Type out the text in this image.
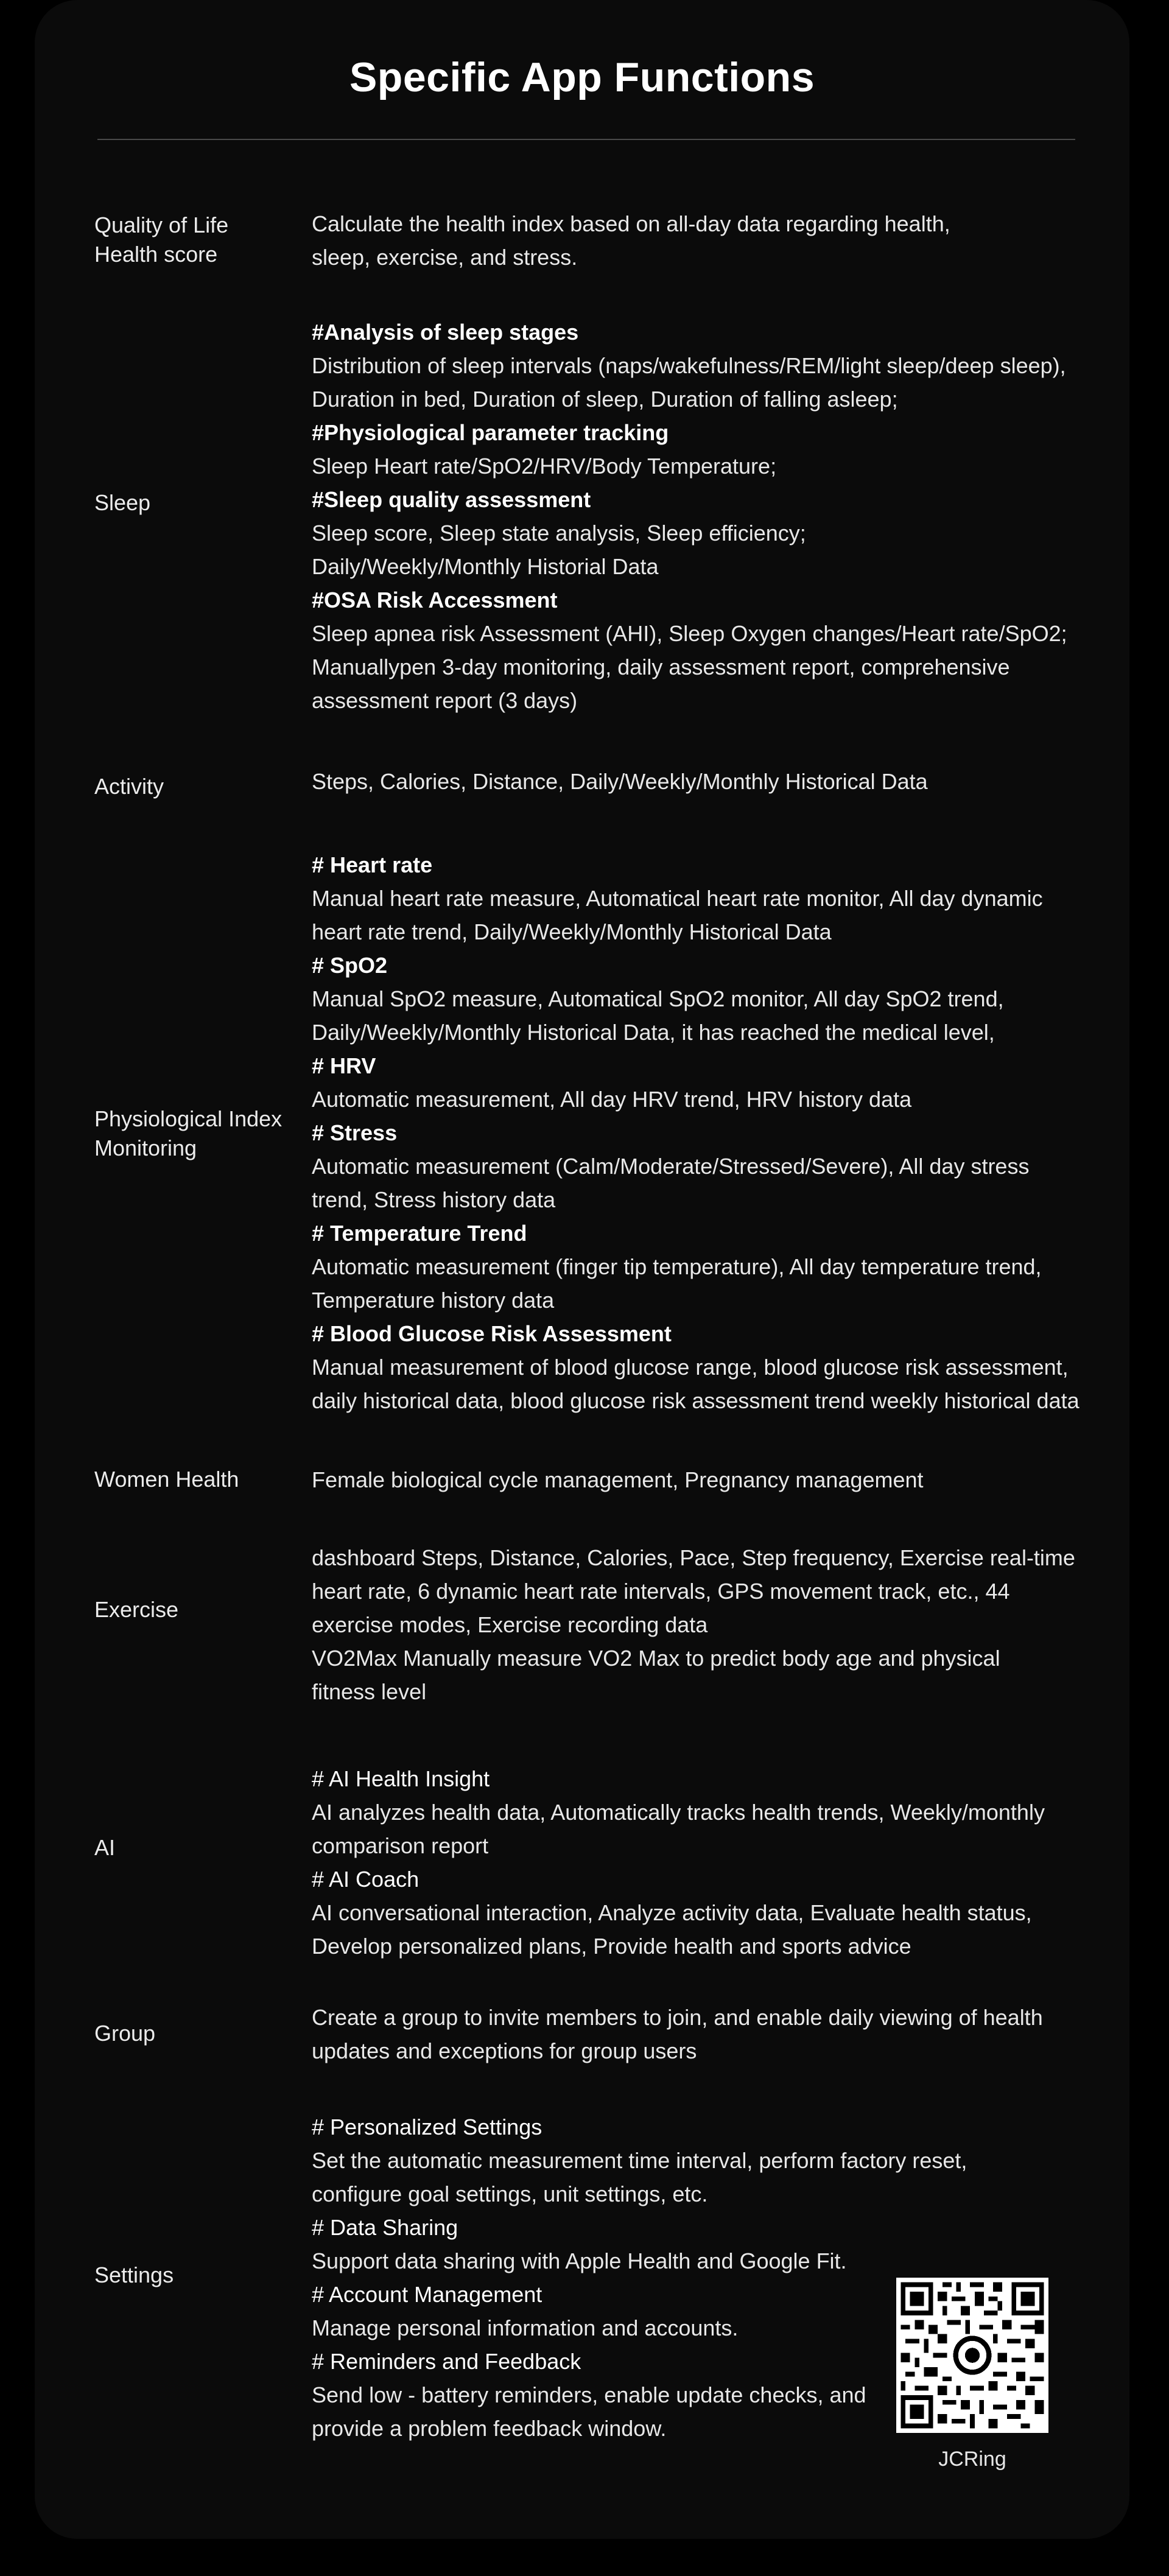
Specific App Functions
Quality of Life Health score
Calculate the health index based on all-day data regarding health,
sleep, exercise, and stress.
Sleep
#Analysis of sleep stages
Distribution of sleep intervals (naps/wakefulness/REM/light sleep/deep sleep),
Duration in bed, Duration of sleep, Duration of falling asleep;
#Physiological parameter tracking
Sleep Heart rate/SpO2/HRV/Body Temperature;
#Sleep quality assessment
Sleep score, Sleep state analysis, Sleep efficiency;
Daily/Weekly/Monthly Historial Data
#OSA Risk Accessment
Sleep apnea risk Assessment (AHI), Sleep Oxygen changes/Heart rate/SpO2;
Manuallypen 3-day monitoring, daily assessment report, comprehensive
assessment report (3 days)
Activity	Steps, Calories, Distance, Daily/Weekly/Monthly Historical Data
Physiological Index Monitoring
# Heart rate
Manual heart rate measure, Automatical heart rate monitor, All day dynamic
heart rate trend, Daily/Weekly/Monthly Historical Data
# SpO2
Manual SpO2 measure, Automatical SpO2 monitor, All day SpO2 trend,
Daily/Weekly/Monthly Historical Data, it has reached the medical level,
# HRV
Automatic measurement, All day HRV trend, HRV history data
# Stress
Automatic measurement (Calm/Moderate/Stressed/Severe), All day stress
trend, Stress history data
# Temperature Trend
Automatic measurement (finger tip temperature), All day temperature trend,
Temperature history data
# Blood Glucose Risk Assessment
Manual measurement of blood glucose range, blood glucose risk assessment,
daily historical data, blood glucose risk assessment trend weekly historical data
Women Health	Female biological cycle management, Pregnancy management
Exercise
dashboard Steps, Distance, Calories, Pace, Step frequency, Exercise real-time
heart rate, 6 dynamic heart rate intervals, GPS movement track, etc., 44
exercise modes, Exercise recording data
VO2Max Manually measure VO2 Max to predict body age and physical
fitness level
AI
# AI Health Insight
AI analyzes health data, Automatically tracks health trends, Weekly/monthly
comparison report
# AI Coach
AI conversational interaction, Analyze activity data, Evaluate health status,
Develop personalized plans, Provide health and sports advice
Group
Create a group to invite members to join, and enable daily viewing of health
updates and exceptions for group users
Settings
# Personalized Settings
Set the automatic measurement time interval, perform factory reset,
configure goal settings, unit settings, etc.
# Data Sharing
Support data sharing with Apple Health and Google Fit.
# Account Management
Manage personal information and accounts.
# Reminders and Feedback
Send low - battery reminders, enable update checks, and
provide a problem feedback window.
JCRing
